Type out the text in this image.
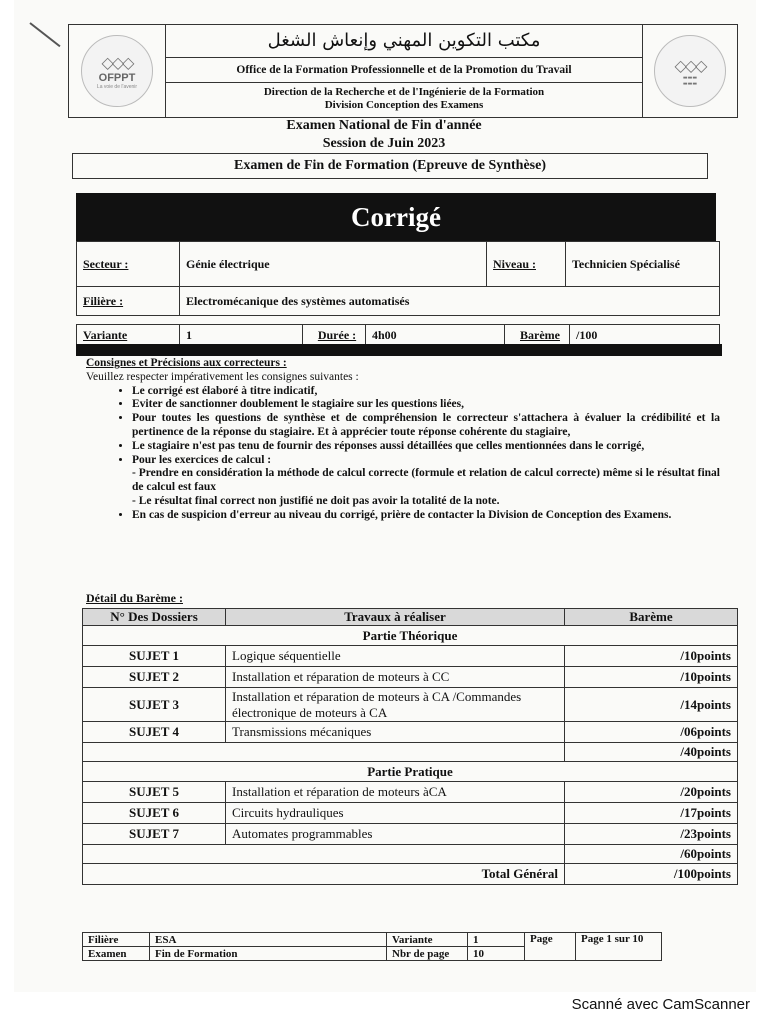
◇◇◇
OFPPT
La voie de l'avenir
مكتب التكوين المهني وإنعاش الشغل
Office de la Formation Professionnelle et de la Promotion du Travail
Direction de la Recherche et de l'Ingénierie de la Formation
Division Conception des Examens
◇◇◇
▬▬▬
▬▬▬
Examen National de Fin d'année
Session de Juin 2023
Examen de Fin de Formation (Epreuve de Synthèse)
Corrigé
Secteur :	Génie électrique	Niveau :	Technicien Spécialisé
Filière :	Electromécanique des systèmes automatisés
Variante	1	Durée :	4h00	Barème	/100
Consignes et Précisions aux correcteurs :
Veuillez respecter impérativement les consignes suivantes :
• Le corrigé est élaboré à titre indicatif,
• Eviter de sanctionner doublement le stagiaire sur les questions liées,
• Pour toutes les questions de synthèse et de compréhension le correcteur s'attachera à évaluer la crédibilité et la pertinence de la réponse du stagiaire. Et à apprécier toute réponse cohérente du stagiaire,
• Le stagiaire n'est pas tenu de fournir des réponses aussi détaillées que celles mentionnées dans le corrigé,
• Pour les exercices de calcul :
- Prendre en considération la méthode de calcul correcte (formule et relation de calcul correcte) même si le résultat final de calcul est faux
- Le résultat final correct non justifié ne doit pas avoir la totalité de la note.
• En cas de suspicion d'erreur au niveau du corrigé, prière de contacter la Division de Conception des Examens.
Détail du Barème :
N° Des Dossiers	Travaux à réaliser	Barème
Partie Théorique		
SUJET 1	Logique séquentielle	/10points
SUJET 2	Installation et réparation de moteurs à CC	/10points
SUJET 3	Installation et réparation de moteurs à CA /Commandes électronique de moteurs à CA	/14points
SUJET 4	Transmissions mécaniques	/06points
		/40points
Partie Pratique		
SUJET 5	Installation et réparation de moteurs àCA	/20points
SUJET 6	Circuits hydrauliques	/17points
SUJET 7	Automates programmables	/23points
		/60points
Total Général		/100points
Filière	ESA	Variante	1	Page	Page 1 sur 10
Examen	Fin de Formation	Nbr de page	10		
Scanné avec CamScanner
